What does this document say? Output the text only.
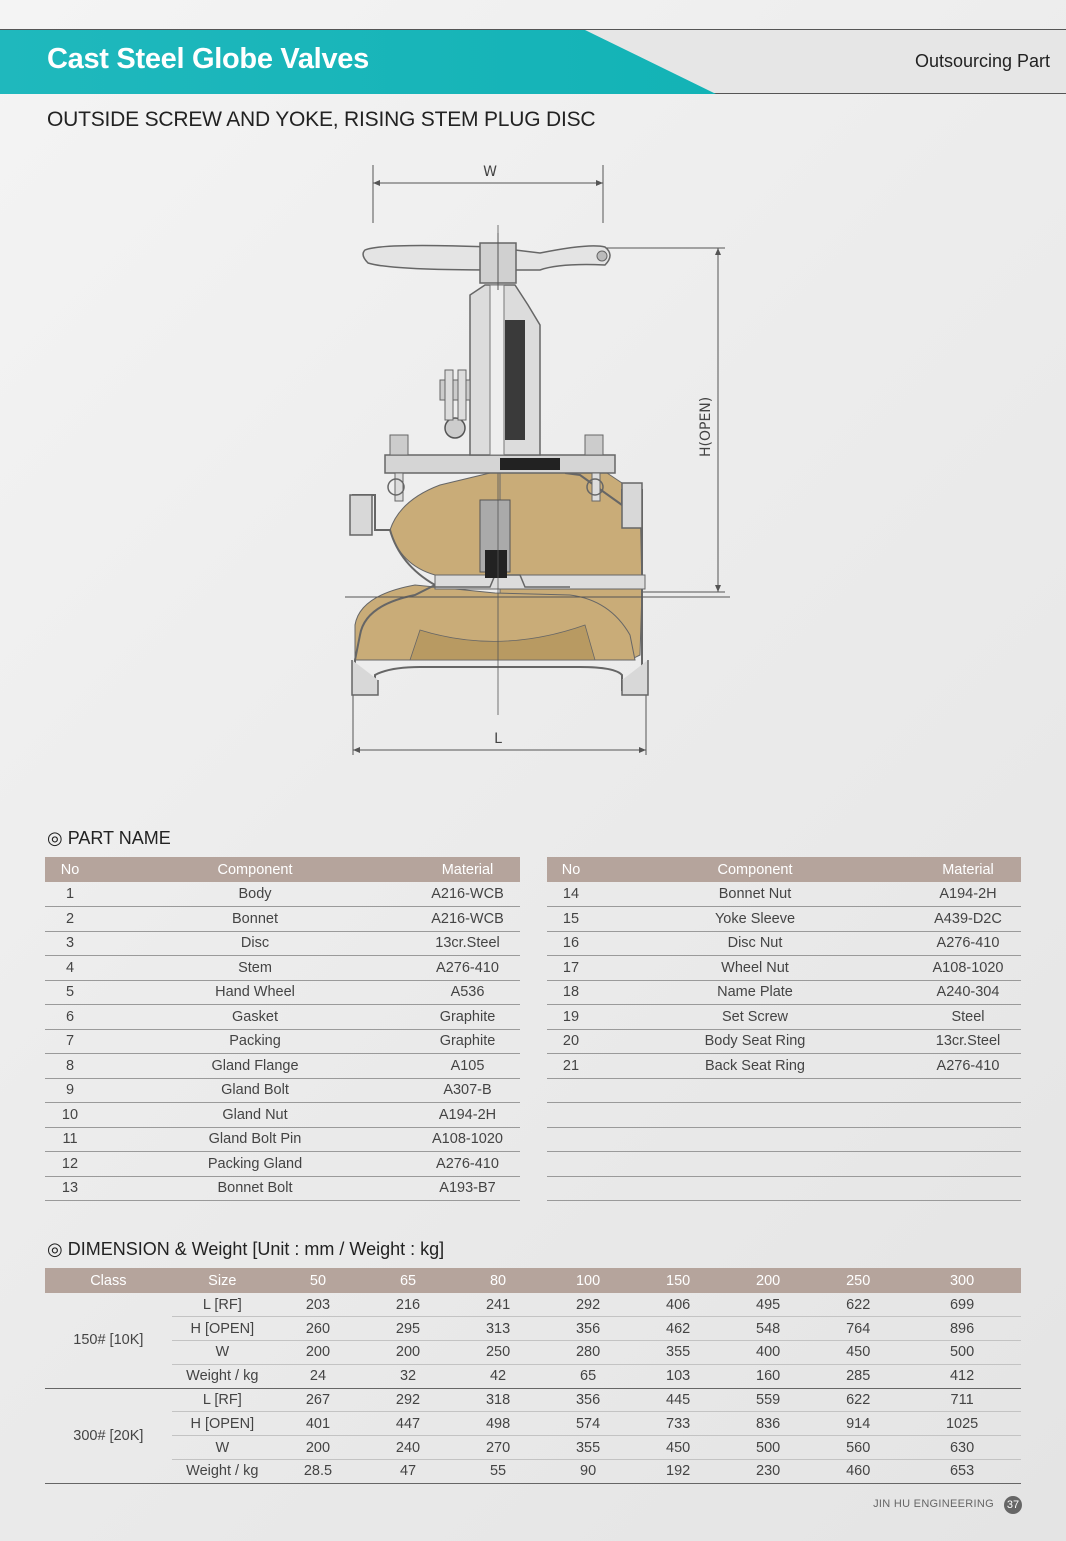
Cast Steel Globe Valves	Outsourcing Part
OUTSIDE SCREW AND YOKE, RISING STEM PLUG DISC
W
H(OPEN)
L
◎ PART NAME
No	Component	Material
1	Body	A216-WCB
2	Bonnet	A216-WCB
3	Disc	13cr.Steel
4	Stem	A276-410
5	Hand Wheel	A536
6	Gasket	Graphite
7	Packing	Graphite
8	Gland Flange	A105
9	Gland Bolt	A307-B
10	Gland Nut	A194-2H
11	Gland Bolt Pin	A108-1020
12	Packing Gland	A276-410
13	Bonnet Bolt	A193-B7
No	Component	Material
14	Bonnet Nut	A194-2H
15	Yoke Sleeve	A439-D2C
16	Disc Nut	A276-410
17	Wheel Nut	A108-1020
18	Name Plate	A240-304
19	Set Screw	Steel
20	Body Seat Ring	13cr.Steel
21	Back Seat Ring	A276-410

◎ DIMENSION & Weight [Unit : mm / Weight : kg]
Class	Size	50	65	80	100	150	200	250	300
150# [10K]	L [RF]	203	216	241	292	406	495	622	699
	H [OPEN]	260	295	313	356	462	548	764	896
	W	200	200	250	280	355	400	450	500
	Weight / kg	24	32	42	65	103	160	285	412
300# [20K]	L [RF]	267	292	318	356	445	559	622	711
	H [OPEN]	401	447	498	574	733	836	914	1025
	W	200	240	270	355	450	500	560	630
	Weight / kg	28.5	47	55	90	192	230	460	653
JIN HU ENGINEERING 37
